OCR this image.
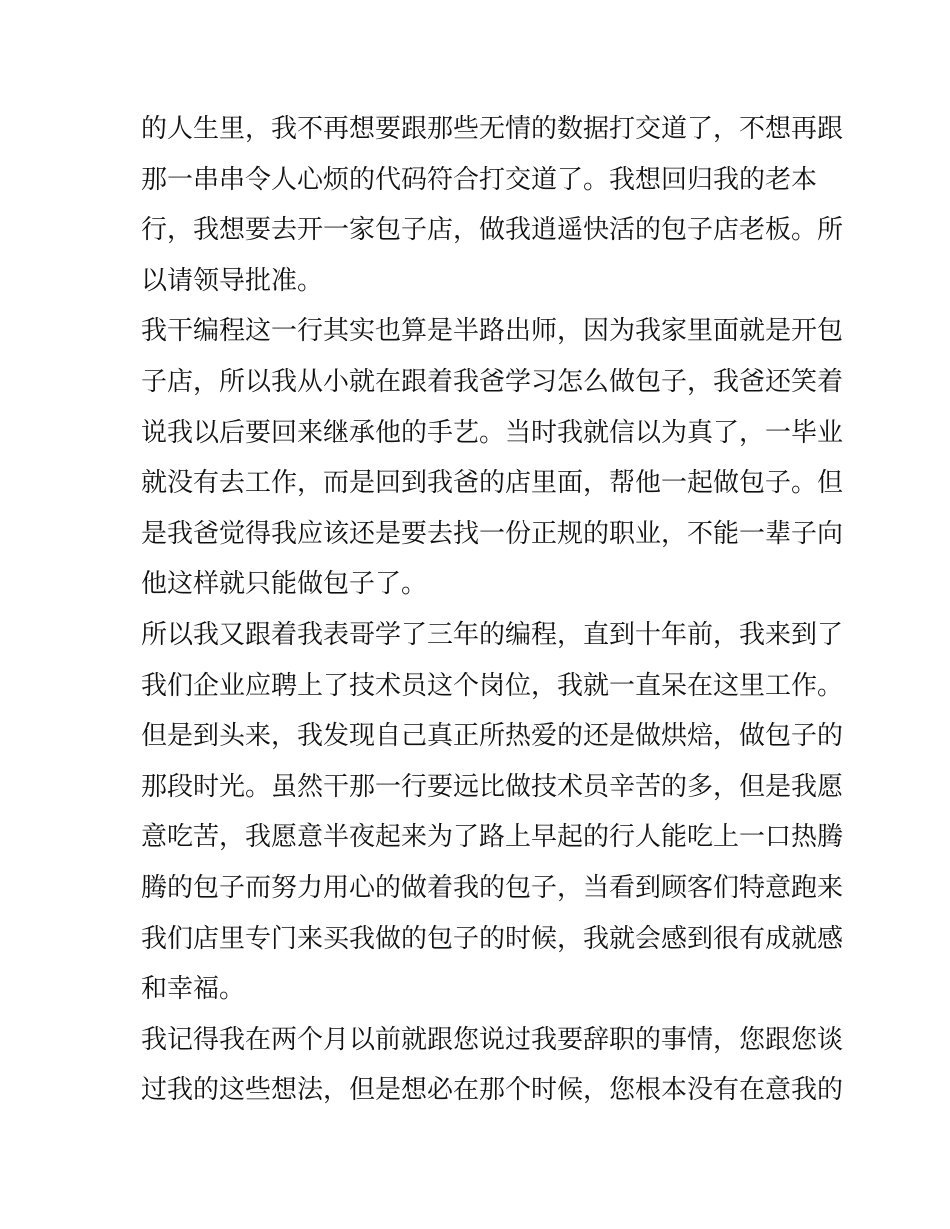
的人生里，我不再想要跟那些无情的数据打交道了，不想再跟
那一串串令人心烦的代码符合打交道了。我想回归我的老本
行，我想要去开一家包子店，做我逍遥快活的包子店老板。所
以请领导批准。
我干编程这一行其实也算是半路出师，因为我家里面就是开包
子店，所以我从小就在跟着我爸学习怎么做包子，我爸还笑着
说我以后要回来继承他的手艺。当时我就信以为真了，一毕业
就没有去工作，而是回到我爸的店里面，帮他一起做包子。但
是我爸觉得我应该还是要去找一份正规的职业，不能一辈子向
他这样就只能做包子了。
所以我又跟着我表哥学了三年的编程，直到十年前，我来到了
我们企业应聘上了技术员这个岗位，我就一直呆在这里工作。
但是到头来，我发现自己真正所热爱的还是做烘焙，做包子的
那段时光。虽然干那一行要远比做技术员辛苦的多，但是我愿
意吃苦，我愿意半夜起来为了路上早起的行人能吃上一口热腾
腾的包子而努力用心的做着我的包子，当看到顾客们特意跑来
我们店里专门来买我做的包子的时候，我就会感到很有成就感
和幸福。
我记得我在两个月以前就跟您说过我要辞职的事情，您跟您谈
过我的这些想法，但是想必在那个时候，您根本没有在意我的
